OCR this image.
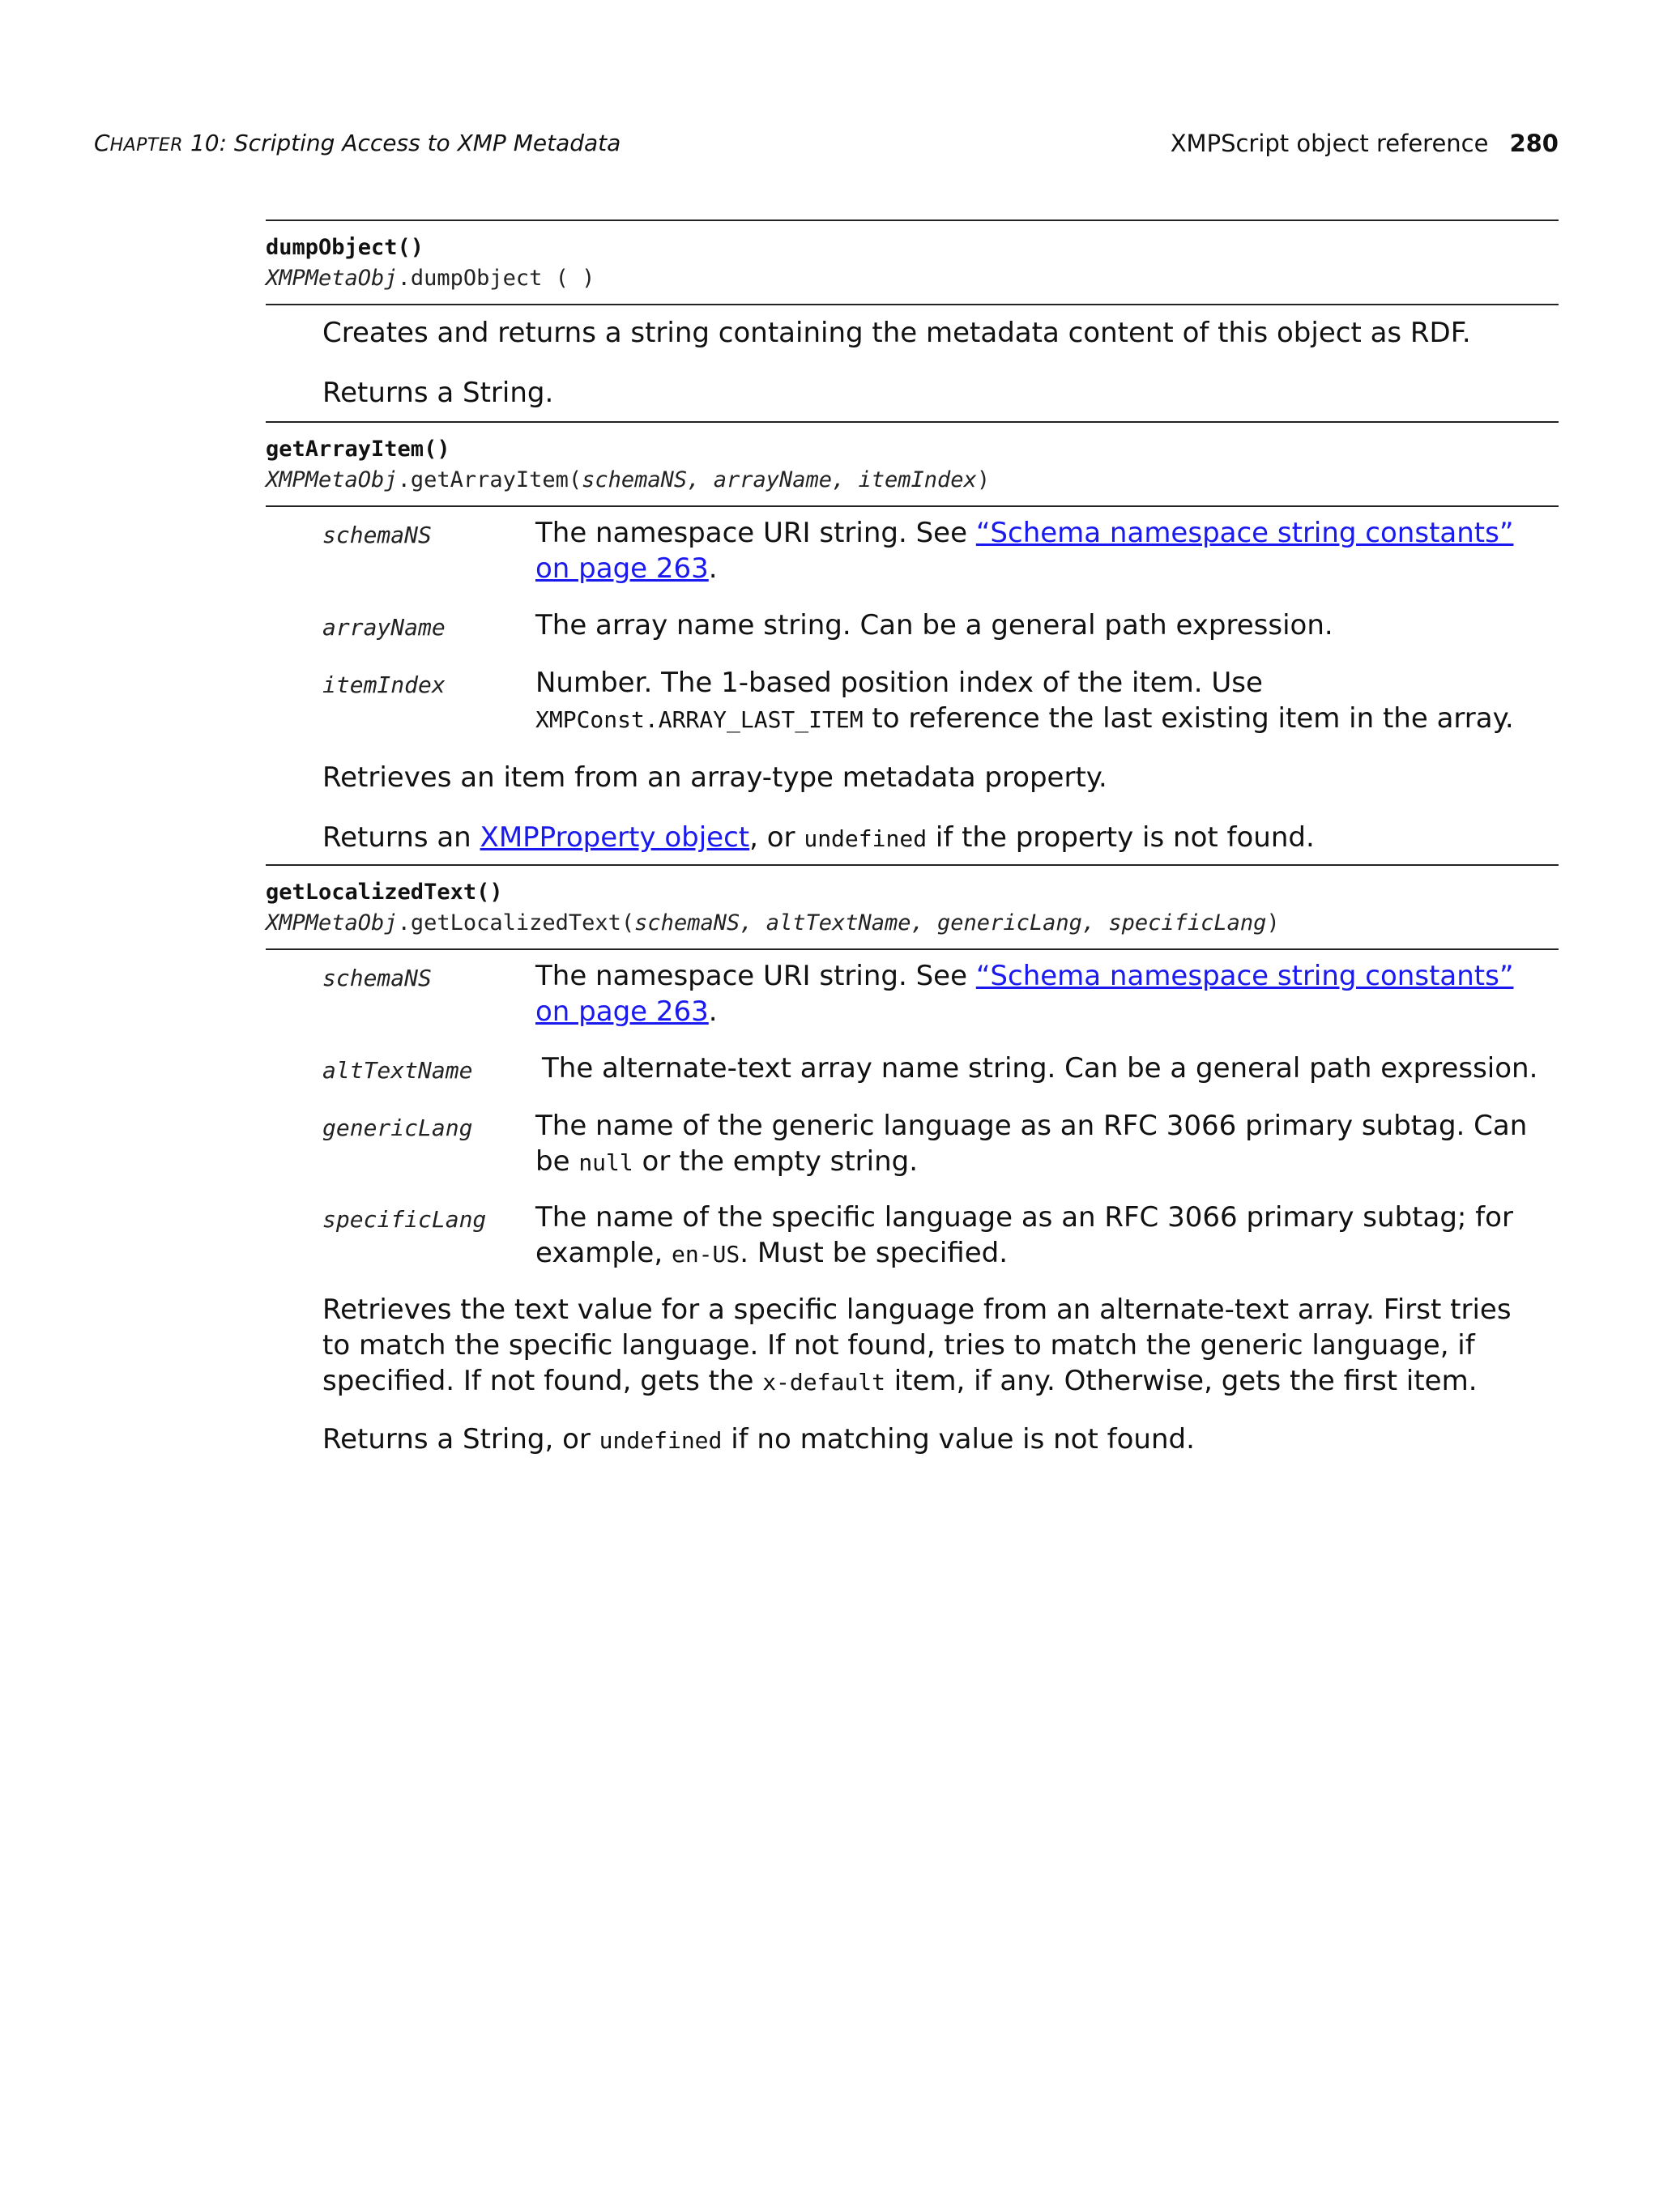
CHAPTER 10: Scripting Access to XMP Metadata	XMPScript object reference 280
dumpObject()
XMPMetaObj.dumpObject ( )
Creates and returns a string containing the metadata content of this object as RDF.
Returns a String.
getArrayItem()
XMPMetaObj.getArrayItem(schemaNS, arrayName, itemIndex)
schemaNS	The namespace URI string. See “Schema namespace string constants” on page 263.
arrayName	The array name string. Can be a general path expression.
itemIndex	Number. The 1-based position index of the item. Use
XMPConst.ARRAY_LAST_ITEM to reference the last existing item in the array.
Retrieves an item from an array-type metadata property.
Returns an XMPProperty object, or undefined if the property is not found.
getLocalizedText()
XMPMetaObj.getLocalizedText(schemaNS, altTextName, genericLang, specificLang)
schemaNS	The namespace URI string. See “Schema namespace string constants” on page 263.
altTextName	The alternate-text array name string. Can be a general path expression.
genericLang The name of the generic language as an RFC 3066 primary subtag. Can be null or the empty string.
specificLang The name of the specific language as an RFC 3066 primary subtag; for example, en-US. Must be specified.
Retrieves the text value for a specific language from an alternate-text array. First tries to match the specific language. If not found, tries to match the generic language, if specified. If not found, gets the x-default item, if any. Otherwise, gets the first item.
Returns a String, or undefined if no matching value is not found.
